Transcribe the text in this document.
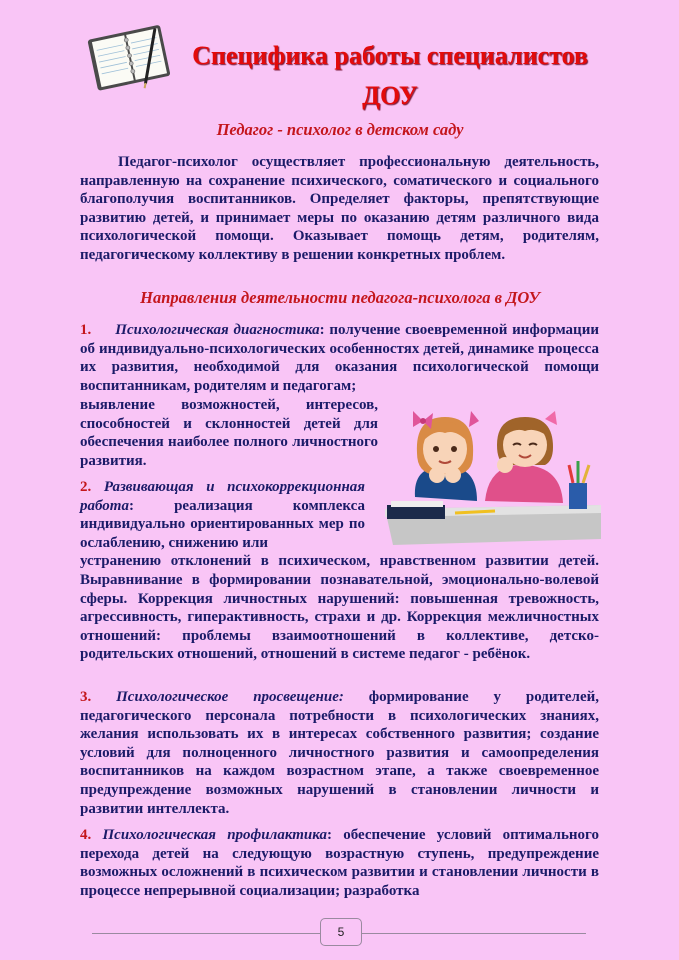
Специфика работы специалистов
ДОУ
Педагог - психолог в детском саду
Педагог-психолог осуществляет профессиональную деятельность, направленную на сохранение психического, соматического и социального благополучия воспитанников. Определяет факторы, препятствующие развитию детей, и принимает меры по оказанию детям различного вида психологической помощи. Оказывает помощь детям, родителям, педагогическому коллективу в решении конкретных проблем.
Направления деятельности педагога-психолога в ДОУ
1. Психологическая диагностика: получение своевременной информации об индивидуально-психологических особенностях детей, динамике процесса их развития, необходимой для оказания психологической помощи воспитанникам, родителям и педагогам;
выявление возможностей, интересов, способностей и склонностей детей для обеспечения наиболее полного личностного развития.
2. Развивающая и психокоррекционная работа: реализация комплекса индивидуально ориентированных мер по ослаблению, снижению или
устранению отклонений в психическом, нравственном развитии детей. Выравнивание в формировании познавательной, эмоционально-волевой сферы. Коррекция личностных нарушений: повышенная тревожность, агрессивность, гиперактивность, страхи и др. Коррекция межличностных отношений: проблемы взаимоотношений в коллективе, детско-родительских отношений, отношений в системе педагог - ребёнок.
3. Психологическое просвещение: формирование у родителей, педагогического персонала потребности в психологических знаниях, желания использовать их в интересах собственного развития; создание условий для полноценного личностного развития и самоопределения воспитанников на каждом возрастном этапе, а также своевременное предупреждение возможных нарушений в становлении личности и развитии интеллекта.
4. Психологическая профилактика: обеспечение условий оптимального перехода детей на следующую возрастную ступень, предупреждение возможных осложнений в психическом развитии и становлении личности в процессе непрерывной социализации; разработка
5
